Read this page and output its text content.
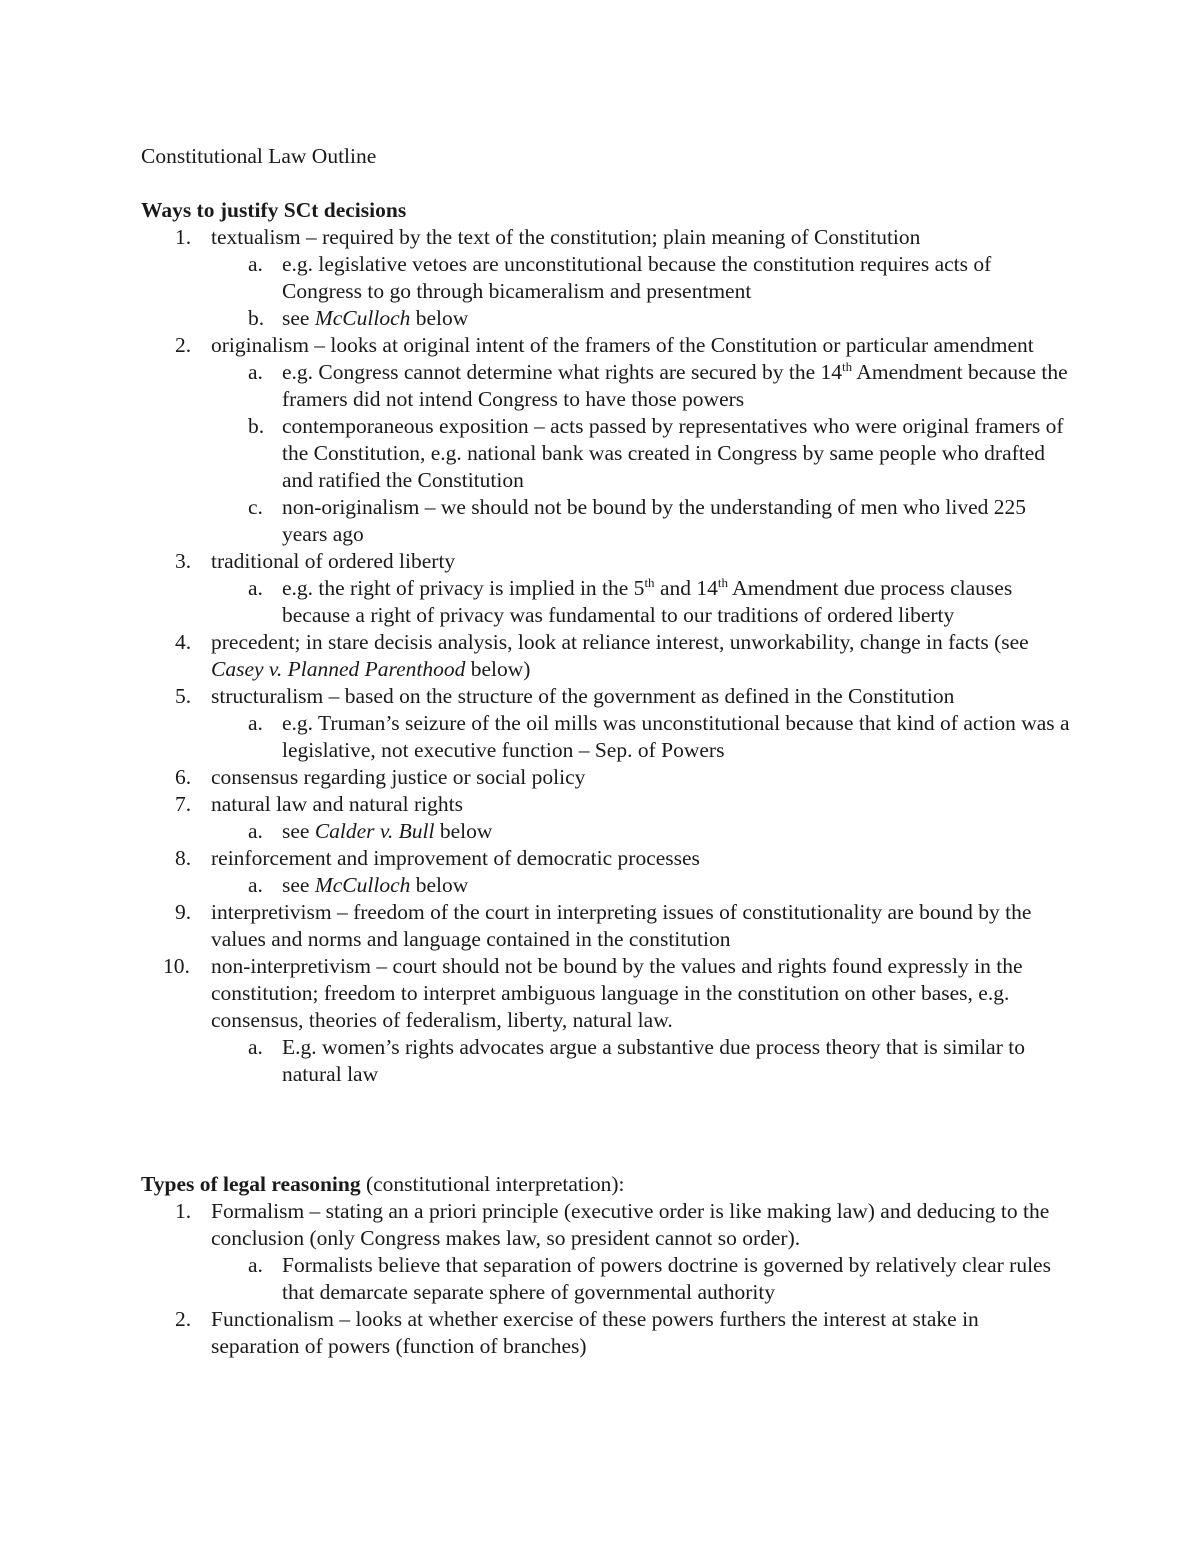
Constitutional Law Outline
Ways to justify SCt decisions
1. textualism – required by the text of the constitution; plain meaning of Constitution
a. e.g. legislative vetoes are unconstitutional because the constitution requires acts of Congress to go through bicameralism and presentment
b. see McCulloch below
2. originalism – looks at original intent of the framers of the Constitution or particular amendment
a. e.g. Congress cannot determine what rights are secured by the 14th Amendment because the framers did not intend Congress to have those powers
b. contemporaneous exposition – acts passed by representatives who were original framers of the Constitution, e.g. national bank was created in Congress by same people who drafted and ratified the Constitution
c. non-originalism – we should not be bound by the understanding of men who lived 225 years ago
3. traditional of ordered liberty
a. e.g. the right of privacy is implied in the 5th and 14th Amendment due process clauses because a right of privacy was fundamental to our traditions of ordered liberty
4. precedent; in stare decisis analysis, look at reliance interest, unworkability, change in facts (see Casey v. Planned Parenthood below)
5. structuralism – based on the structure of the government as defined in the Constitution
a. e.g. Truman’s seizure of the oil mills was unconstitutional because that kind of action was a legislative, not executive function – Sep. of Powers
6. consensus regarding justice or social policy
7. natural law and natural rights
a. see Calder v. Bull below
8. reinforcement and improvement of democratic processes
a. see McCulloch below
9. interpretivism – freedom of the court in interpreting issues of constitutionality are bound by the values and norms and language contained in the constitution
10. non-interpretivism – court should not be bound by the values and rights found expressly in the constitution; freedom to interpret ambiguous language in the constitution on other bases, e.g. consensus, theories of federalism, liberty, natural law.
a. E.g. women’s rights advocates argue a substantive due process theory that is similar to natural law
Types of legal reasoning (constitutional interpretation):
1. Formalism – stating an a priori principle (executive order is like making law) and deducing to the conclusion (only Congress makes law, so president cannot so order).
a. Formalists believe that separation of powers doctrine is governed by relatively clear rules that demarcate separate sphere of governmental authority
2. Functionalism – looks at whether exercise of these powers furthers the interest at stake in separation of powers (function of branches)
